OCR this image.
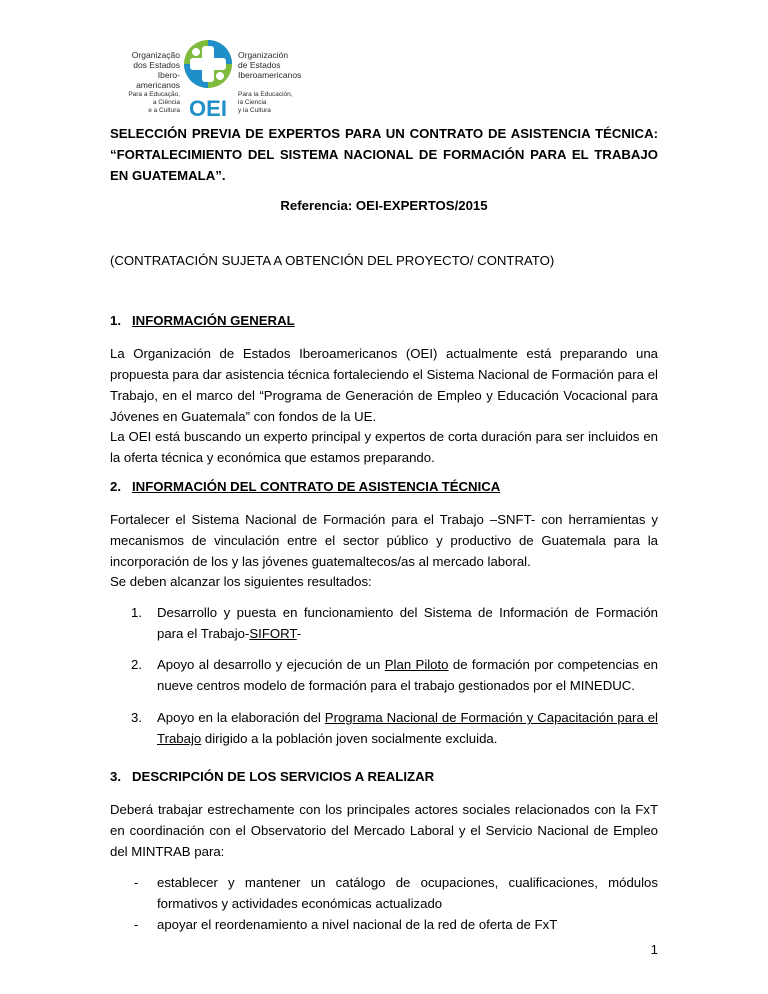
Organização
dos Estados
Ibero-americanos
Para a Educação,
a Ciência
e a Cultura OEI
Organización
de Estados
Iberoamericanos
Para la Educación,
la Ciencia
y la Cultura
SELECCIÓN PREVIA DE EXPERTOS PARA UN CONTRATO DE ASISTENCIA TÉCNICA: “FORTALECIMIENTO DEL SISTEMA NACIONAL DE FORMACIÓN PARA EL TRABAJO EN GUATEMALA”.
Referencia: OEI-EXPERTOS/2015
(CONTRATACIÓN SUJETA A OBTENCIÓN DEL PROYECTO/ CONTRATO)
1. INFORMACIÓN GENERAL
La Organización de Estados Iberoamericanos (OEI) actualmente está preparando una propuesta para dar asistencia técnica fortaleciendo el Sistema Nacional de Formación para el Trabajo, en el marco del “Programa de Generación de Empleo y Educación Vocacional para Jóvenes en Guatemala” con fondos de la UE.
La OEI está buscando un experto principal y expertos de corta duración para ser incluidos en la oferta técnica y económica que estamos preparando.
2. INFORMACIÓN DEL CONTRATO DE ASISTENCIA TÉCNICA
Fortalecer el Sistema Nacional de Formación para el Trabajo –SNFT- con herramientas y mecanismos de vinculación entre el sector público y productivo de Guatemala para la incorporación de los y las jóvenes guatemaltecos/as al mercado laboral.
Se deben alcanzar los siguientes resultados:
1. Desarrollo y puesta en funcionamiento del Sistema de Información de Formación para el Trabajo-SIFORT-
2. Apoyo al desarrollo y ejecución de un Plan Piloto de formación por competencias en nueve centros modelo de formación para el trabajo gestionados por el MINEDUC.
3. Apoyo en la elaboración del Programa Nacional de Formación y Capacitación para el Trabajo dirigido a la población joven socialmente excluida.
3. DESCRIPCIÓN DE LOS SERVICIOS A REALIZAR
Deberá trabajar estrechamente con los principales actores sociales relacionados con la FxT en coordinación con el Observatorio del Mercado Laboral y el Servicio Nacional de Empleo del MINTRAB para:
- establecer y mantener un catálogo de ocupaciones, cualificaciones, módulos formativos y actividades económicas actualizado
- apoyar el reordenamiento a nivel nacional de la red de oferta de FxT
1
